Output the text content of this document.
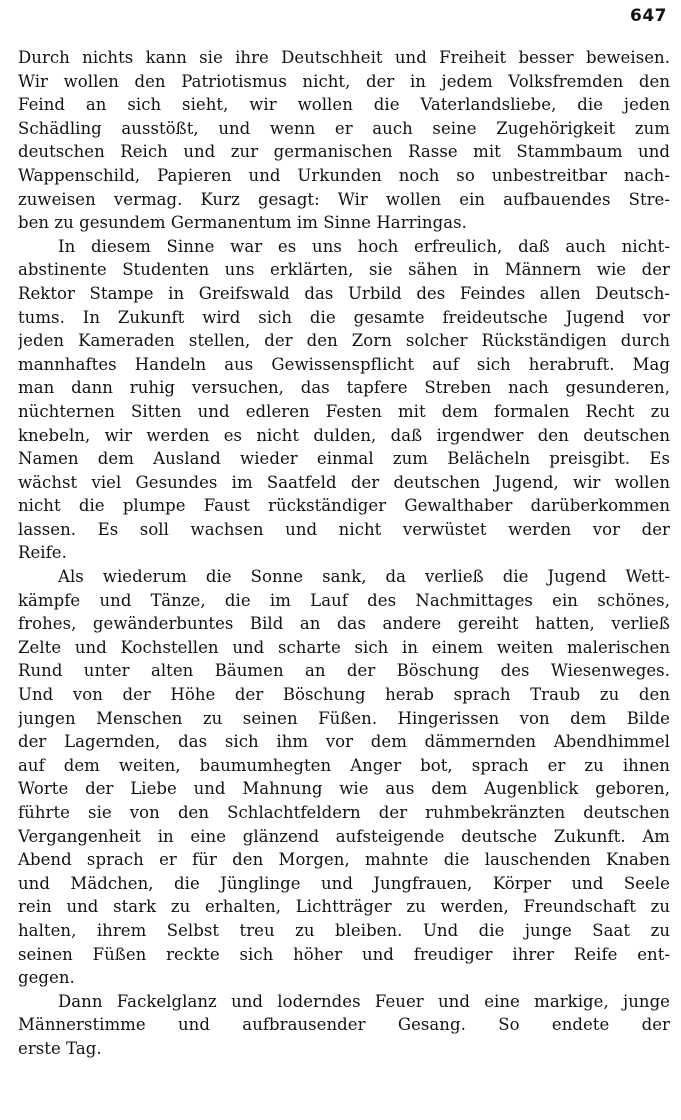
647
Durch nichts kann sie ihre Deutschheit und Freiheit besser beweisen.
Wir wollen den Patriotismus nicht, der in jedem Volksfremden den
Feind an sich sieht, wir wollen die Vaterlandsliebe, die jeden
Schädling ausstößt, und wenn er auch seine Zugehörigkeit zum
deutschen Reich und zur germanischen Rasse mit Stammbaum und
Wappenschild, Papieren und Urkunden noch so unbestreitbar nach-
zuweisen vermag. Kurz gesagt: Wir wollen ein aufbauendes Stre-
ben zu gesundem Germanentum im Sinne Harringas.
In diesem Sinne war es uns hoch erfreulich, daß auch nicht-
abstinente Studenten uns erklärten, sie sähen in Männern wie der
Rektor Stampe in Greifswald das Urbild des Feindes allen Deutsch-
tums. In Zukunft wird sich die gesamte freideutsche Jugend vor
jeden Kameraden stellen, der den Zorn solcher Rückständigen durch
mannhaftes Handeln aus Gewissenspflicht auf sich herabruft. Mag
man dann ruhig versuchen, das tapfere Streben nach gesunderen,
nüchternen Sitten und edleren Festen mit dem formalen Recht zu
knebeln, wir werden es nicht dulden, daß irgendwer den deutschen
Namen dem Ausland wieder einmal zum Belächeln preisgibt. Es
wächst viel Gesundes im Saatfeld der deutschen Jugend, wir wollen
nicht die plumpe Faust rückständiger Gewalthaber darüberkommen
lassen. Es soll wachsen und nicht verwüstet werden vor der
Reife.
Als wiederum die Sonne sank, da verließ die Jugend Wett-
kämpfe und Tänze, die im Lauf des Nachmittages ein schönes,
frohes, gewänderbuntes Bild an das andere gereiht hatten, verließ
Zelte und Kochstellen und scharte sich in einem weiten malerischen
Rund unter alten Bäumen an der Böschung des Wiesenweges.
Und von der Höhe der Böschung herab sprach Traub zu den
jungen Menschen zu seinen Füßen. Hingerissen von dem Bilde
der Lagernden, das sich ihm vor dem dämmernden Abendhimmel
auf dem weiten, baumumhegten Anger bot, sprach er zu ihnen
Worte der Liebe und Mahnung wie aus dem Augenblick geboren,
führte sie von den Schlachtfeldern der ruhmbekränzten deutschen
Vergangenheit in eine glänzend aufsteigende deutsche Zukunft. Am
Abend sprach er für den Morgen, mahnte die lauschenden Knaben
und Mädchen, die Jünglinge und Jungfrauen, Körper und Seele
rein und stark zu erhalten, Lichtträger zu werden, Freundschaft zu
halten, ihrem Selbst treu zu bleiben. Und die junge Saat zu
seinen Füßen reckte sich höher und freudiger ihrer Reife ent-
gegen.
Dann Fackelglanz und loderndes Feuer und eine markige, junge
Männerstimme und aufbrausender Gesang. So endete der
erste Tag.
